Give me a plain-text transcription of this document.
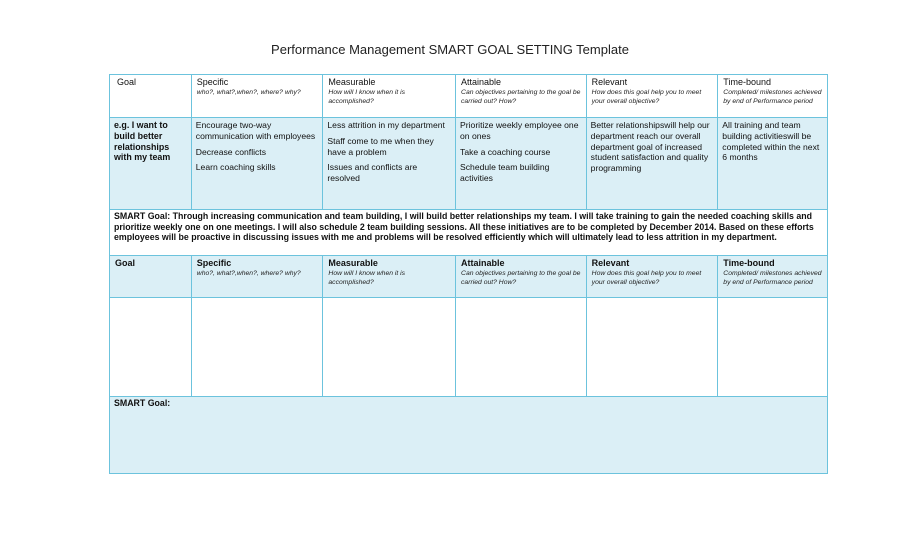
Performance Management SMART GOAL SETTING Template
Goal	Specific
who?, what?,when?, where? why?
Measurable
How will I know when it is accomplished?
Attainable
Can objectives pertaining to the goal be carried out? How?
Relevant
How does this goal help you to meet your overall objective?
Time-bound
Completed/ milestones achieved by end of Performance period
e.g. I want to build better relationships with my team

Encourage two-way communication with employees

Decrease conflicts

Learn coaching skills

Less attrition in my department

Staff come to me when they have a problem

Issues and conflicts are resolved

Prioritize weekly employee one on ones

Take a coaching course

Schedule team building activities

Better relationshipswill help our department reach our overall department goal of increased student satisfaction and quality programming
All training and team building activitieswill be completed within the next 6 months
SMART Goal: Through increasing communication and team building, I will build better relationships my team. I will take training to gain the needed coaching skills and prioritize weekly one on one meetings. I will also schedule 2 team building sessions. All these initiatives are to be completed by December 2014. Based on these efforts employees will be proactive in discussing issues with me and problems will be resolved efficiently which will ultimately lead to less attrition in my department.
Goal	Specific
who?, what?,when?, where? why?
Measurable
How will I know when it is accomplished?
Attainable
Can objectives pertaining to the goal be carried out? How?
Relevant
How does this goal help you to meet your overall objective?
Time-bound
Completed/ milestones achieved by end of Performance period
SMART Goal:
